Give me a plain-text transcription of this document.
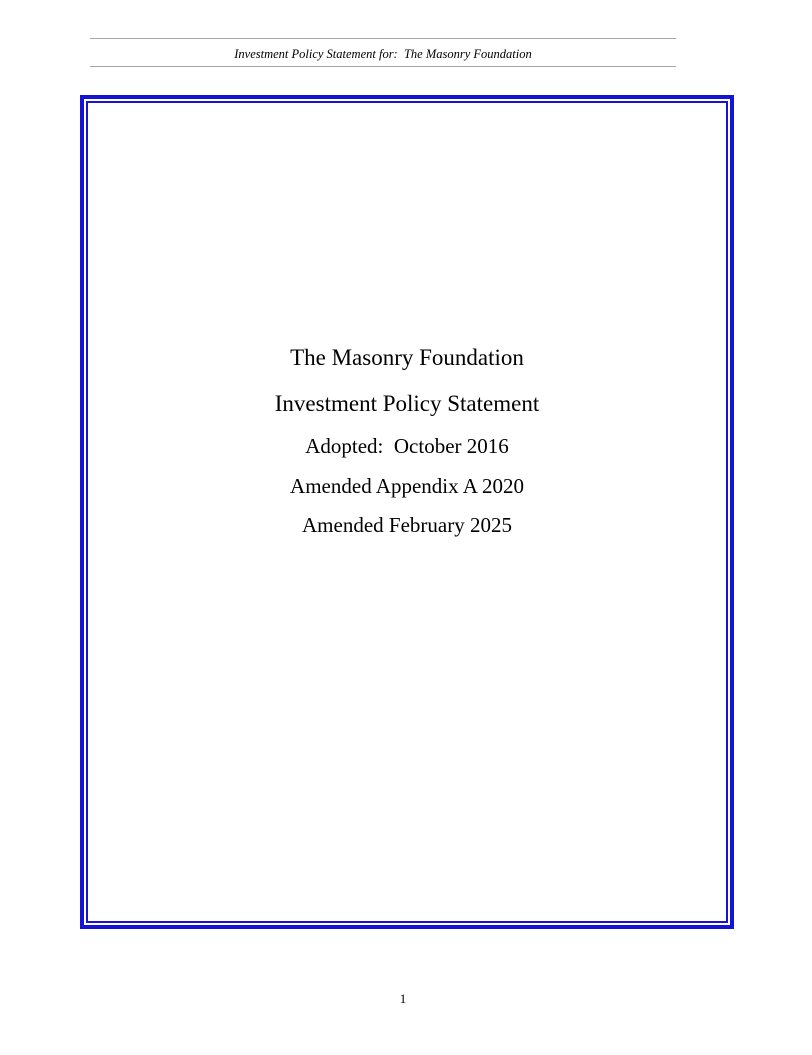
Investment Policy Statement for:  The Masonry Foundation
The Masonry Foundation
Investment Policy Statement
Adopted:  October 2016
Amended Appendix A 2020
Amended February 2025
1
